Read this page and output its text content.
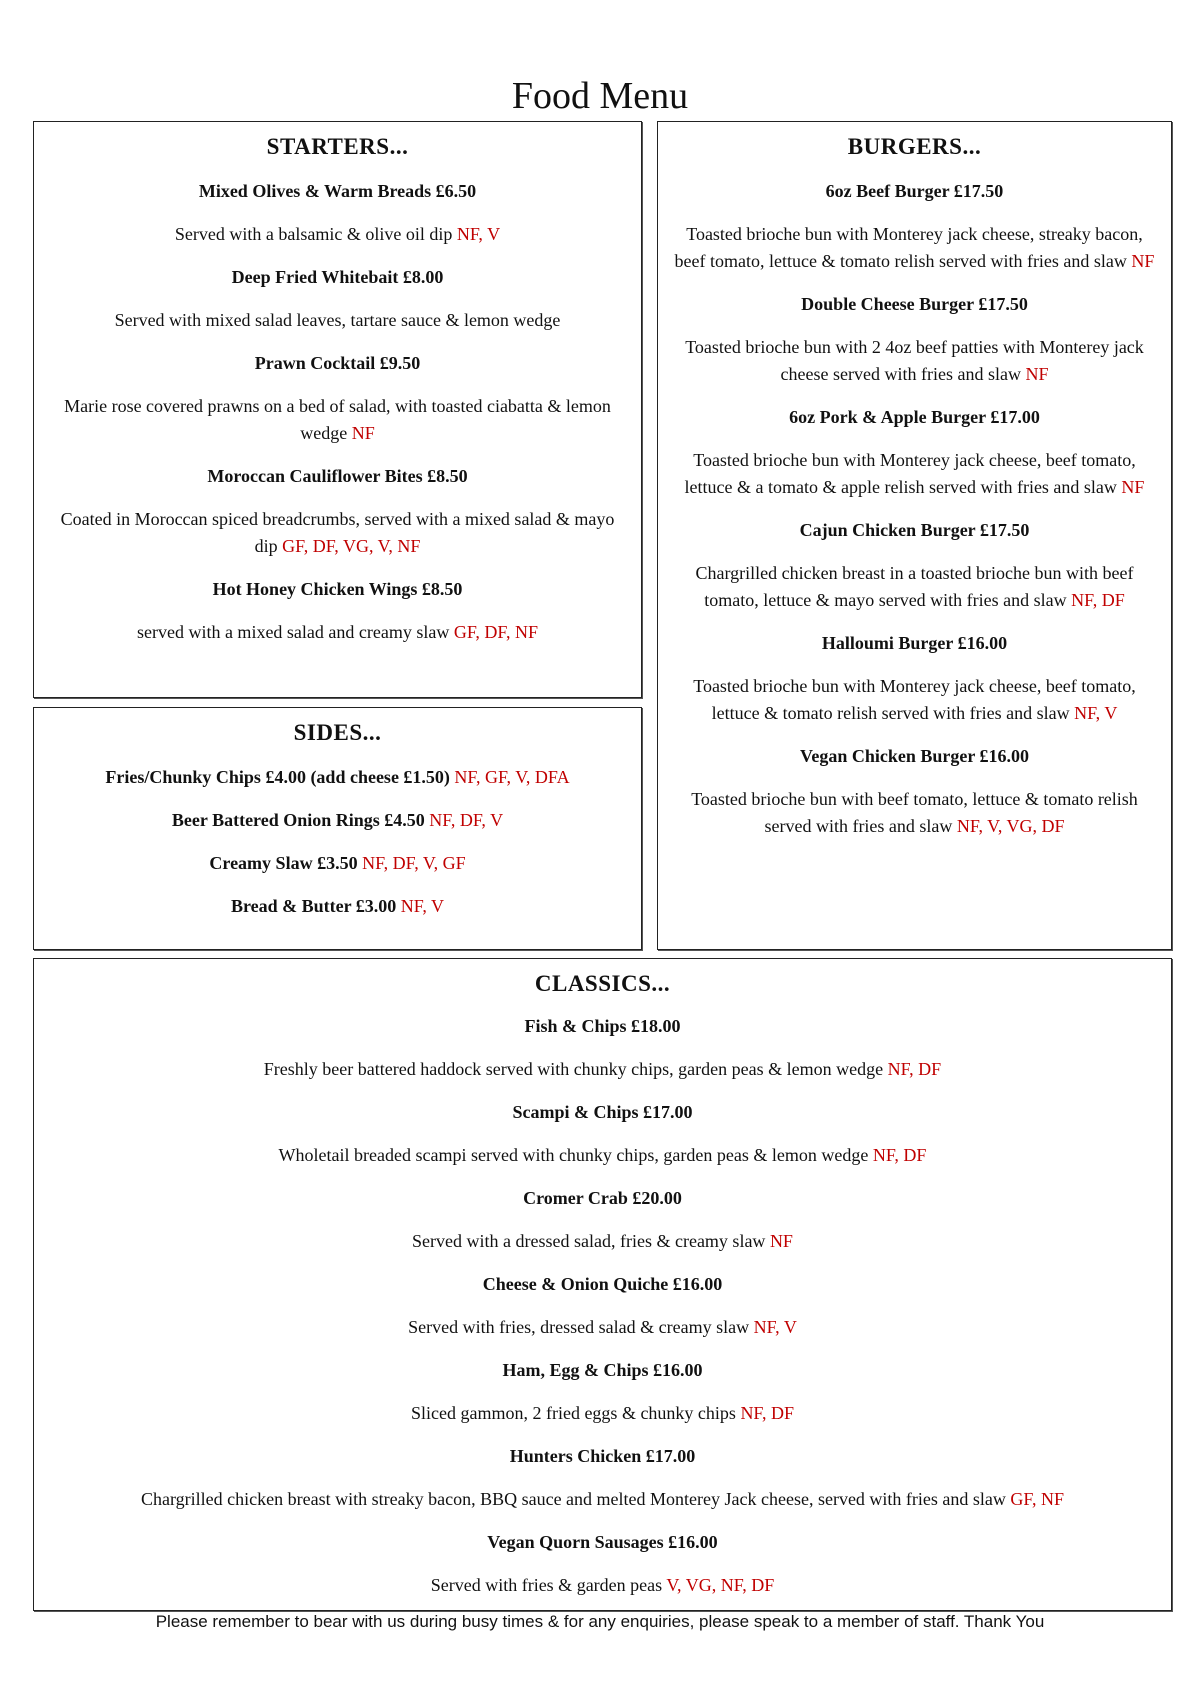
Food Menu
STARTERS...
Mixed Olives & Warm Breads £6.50
Served with a balsamic & olive oil dip NF, V
Deep Fried Whitebait £8.00
Served with mixed salad leaves, tartare sauce & lemon wedge
Prawn Cocktail £9.50
Marie rose covered prawns on a bed of salad, with toasted ciabatta & lemon wedge NF
Moroccan Cauliflower Bites £8.50
Coated in Moroccan spiced breadcrumbs, served with a mixed salad & mayo dip GF, DF, VG, V, NF
Hot Honey Chicken Wings £8.50
served with a mixed salad and creamy slaw GF, DF, NF
SIDES...
Fries/Chunky Chips £4.00 (add cheese £1.50) NF, GF, V, DFA
Beer Battered Onion Rings £4.50 NF, DF, V
Creamy Slaw £3.50 NF, DF, V, GF
Bread & Butter £3.00 NF, V
BURGERS...
6oz Beef Burger £17.50
Toasted brioche bun with Monterey jack cheese, streaky bacon, beef tomato, lettuce & tomato relish served with fries and slaw NF
Double Cheese Burger £17.50
Toasted brioche bun with 2 4oz beef patties with Monterey jack cheese served with fries and slaw NF
6oz Pork & Apple Burger £17.00
Toasted brioche bun with Monterey jack cheese, beef tomato, lettuce & a tomato & apple relish served with fries and slaw NF
Cajun Chicken Burger £17.50
Chargrilled chicken breast in a toasted brioche bun with beef tomato, lettuce & mayo served with fries and slaw NF, DF
Halloumi Burger £16.00
Toasted brioche bun with Monterey jack cheese, beef tomato, lettuce & tomato relish served with fries and slaw NF, V
Vegan Chicken Burger £16.00
Toasted brioche bun with beef tomato, lettuce & tomato relish served with fries and slaw NF, V, VG, DF
CLASSICS...
Fish & Chips £18.00
Freshly beer battered haddock served with chunky chips, garden peas & lemon wedge NF, DF
Scampi & Chips £17.00
Wholetail breaded scampi served with chunky chips, garden peas & lemon wedge NF, DF
Cromer Crab £20.00
Served with a dressed salad, fries & creamy slaw NF
Cheese & Onion Quiche £16.00
Served with fries, dressed salad & creamy slaw NF, V
Ham, Egg & Chips £16.00
Sliced gammon, 2 fried eggs & chunky chips NF, DF
Hunters Chicken £17.00
Chargrilled chicken breast with streaky bacon, BBQ sauce and melted Monterey Jack cheese, served with fries and slaw GF, NF
Vegan Quorn Sausages £16.00
Served with fries & garden peas V, VG, NF, DF
Please remember to bear with us during busy times & for any enquiries, please speak to a member of staff. Thank You
